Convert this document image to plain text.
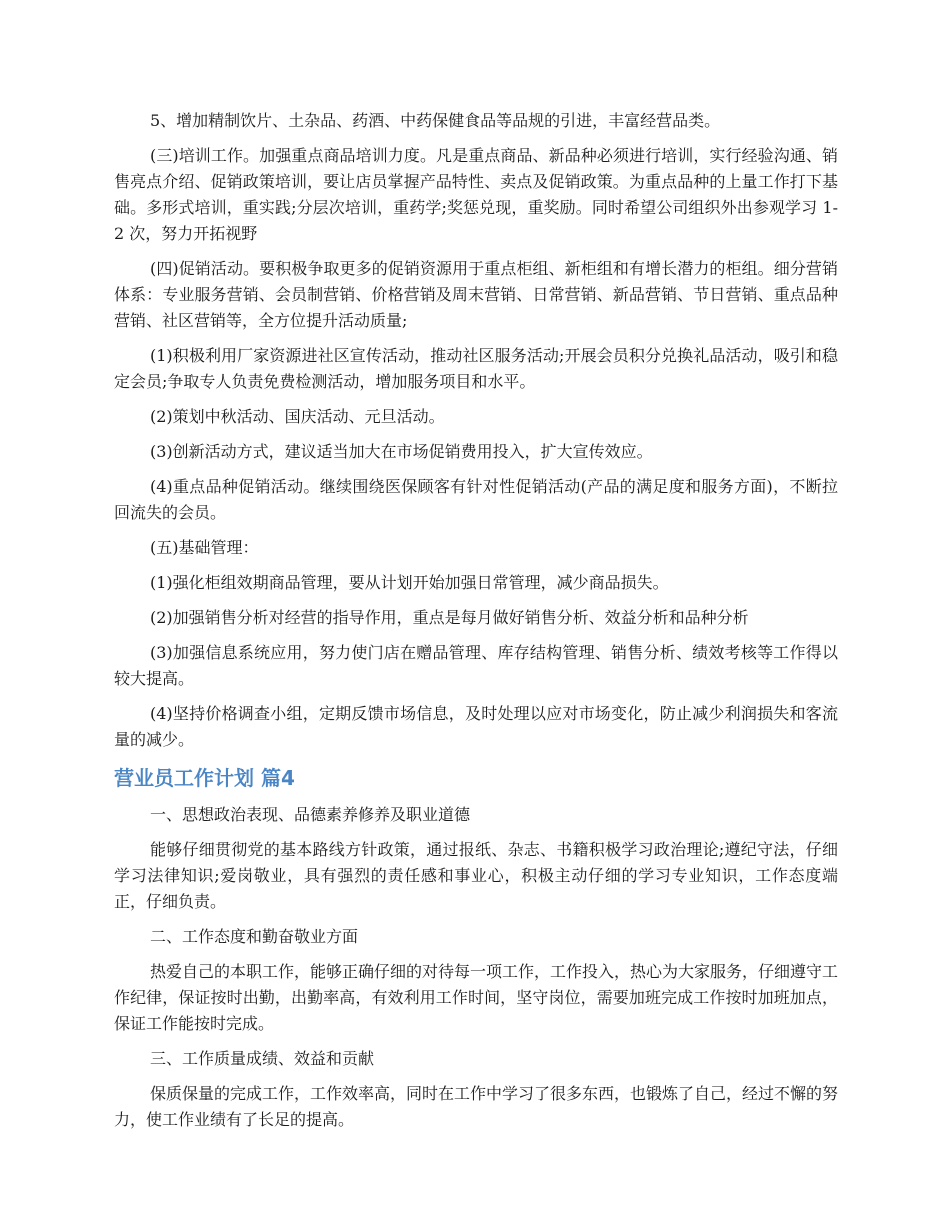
5、增加精制饮片、土杂品、药酒、中药保健食品等品规的引进，丰富经营品类。

(三)培训工作。加强重点商品培训力度。凡是重点商品、新品种必须进行培训，实行经验沟通、销售亮点介绍、促销政策培训，要让店员掌握产品特性、卖点及促销政策。为重点品种的上量工作打下基础。多形式培训，重实践;分层次培训，重药学;奖惩兑现，重奖励。同时希望公司组织外出参观学习 1-2 次，努力开拓视野

(四)促销活动。要积极争取更多的促销资源用于重点柜组、新柜组和有增长潜力的柜组。细分营销体系：专业服务营销、会员制营销、价格营销及周末营销、日常营销、新品营销、节日营销、重点品种营销、社区营销等，全方位提升活动质量;

(1)积极利用厂家资源进社区宣传活动，推动社区服务活动;开展会员积分兑换礼品活动，吸引和稳定会员;争取专人负责免费检测活动，增加服务项目和水平。

(2)策划中秋活动、国庆活动、元旦活动。

(3)创新活动方式，建议适当加大在市场促销费用投入，扩大宣传效应。

(4)重点品种促销活动。继续围绕医保顾客有针对性促销活动(产品的满足度和服务方面)，不断拉回流失的会员。

(五)基础管理：

(1)强化柜组效期商品管理，要从计划开始加强日常管理，减少商品损失。

(2)加强销售分析对经营的指导作用，重点是每月做好销售分析、效益分析和品种分析

(3)加强信息系统应用，努力使门店在赠品管理、库存结构管理、销售分析、绩效考核等工作得以较大提高。

(4)坚持价格调查小组，定期反馈市场信息，及时处理以应对市场变化，防止减少利润损失和客流量的减少。

营业员工作计划 篇4

一、思想政治表现、品德素养修养及职业道德

能够仔细贯彻党的基本路线方针政策，通过报纸、杂志、书籍积极学习政治理论;遵纪守法，仔细学习法律知识;爱岗敬业，具有强烈的责任感和事业心，积极主动仔细的学习专业知识，工作态度端正，仔细负责。

二、工作态度和勤奋敬业方面

热爱自己的本职工作，能够正确仔细的对待每一项工作，工作投入，热心为大家服务，仔细遵守工作纪律，保证按时出勤，出勤率高，有效利用工作时间，坚守岗位，需要加班完成工作按时加班加点，保证工作能按时完成。

三、工作质量成绩、效益和贡献

保质保量的完成工作，工作效率高，同时在工作中学习了很多东西，也锻炼了自己，经过不懈的努力，使工作业绩有了长足的提高。
